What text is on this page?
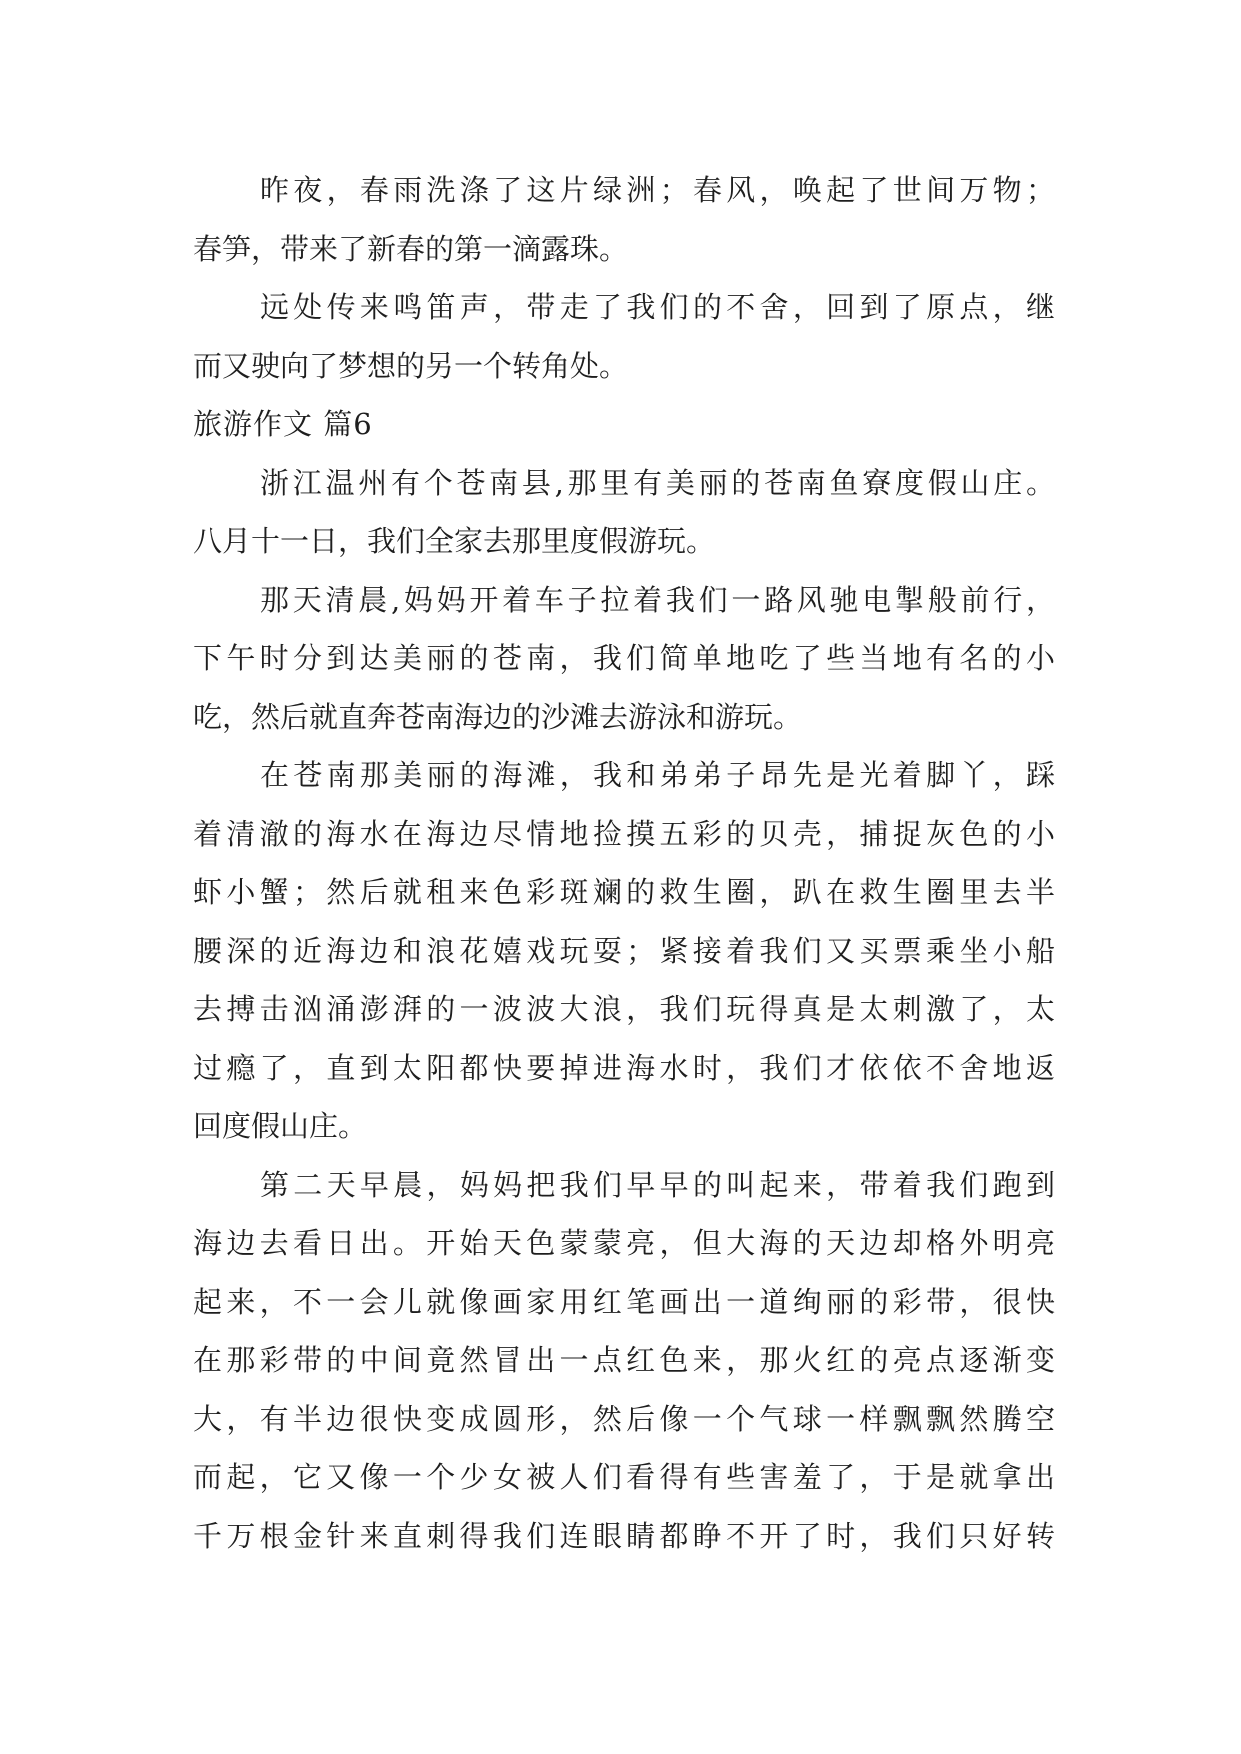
昨夜，春雨洗涤了这片绿洲；春风，唤起了世间万物；
春笋，带来了新春的第一滴露珠。
远处传来鸣笛声，带走了我们的不舍，回到了原点，继
而又驶向了梦想的另一个转角处。
旅游作文 篇6
浙江温州有个苍南县,那里有美丽的苍南鱼寮度假山庄。
八月十一日，我们全家去那里度假游玩。
那天清晨,妈妈开着车子拉着我们一路风驰电掣般前行，
下午时分到达美丽的苍南，我们简单地吃了些当地有名的小
吃，然后就直奔苍南海边的沙滩去游泳和游玩。
在苍南那美丽的海滩，我和弟弟子昂先是光着脚丫，踩
着清澈的海水在海边尽情地捡摸五彩的贝壳，捕捉灰色的小
虾小蟹；然后就租来色彩斑斓的救生圈，趴在救生圈里去半
腰深的近海边和浪花嬉戏玩耍；紧接着我们又买票乘坐小船
去搏击汹涌澎湃的一波波大浪，我们玩得真是太刺激了，太
过瘾了，直到太阳都快要掉进海水时，我们才依依不舍地返
回度假山庄。
第二天早晨，妈妈把我们早早的叫起来，带着我们跑到
海边去看日出。开始天色蒙蒙亮，但大海的天边却格外明亮
起来，不一会儿就像画家用红笔画出一道绚丽的彩带，很快
在那彩带的中间竟然冒出一点红色来，那火红的亮点逐渐变
大，有半边很快变成圆形，然后像一个气球一样飘飘然腾空
而起，它又像一个少女被人们看得有些害羞了，于是就拿出
千万根金针来直刺得我们连眼睛都睁不开了时，我们只好转
